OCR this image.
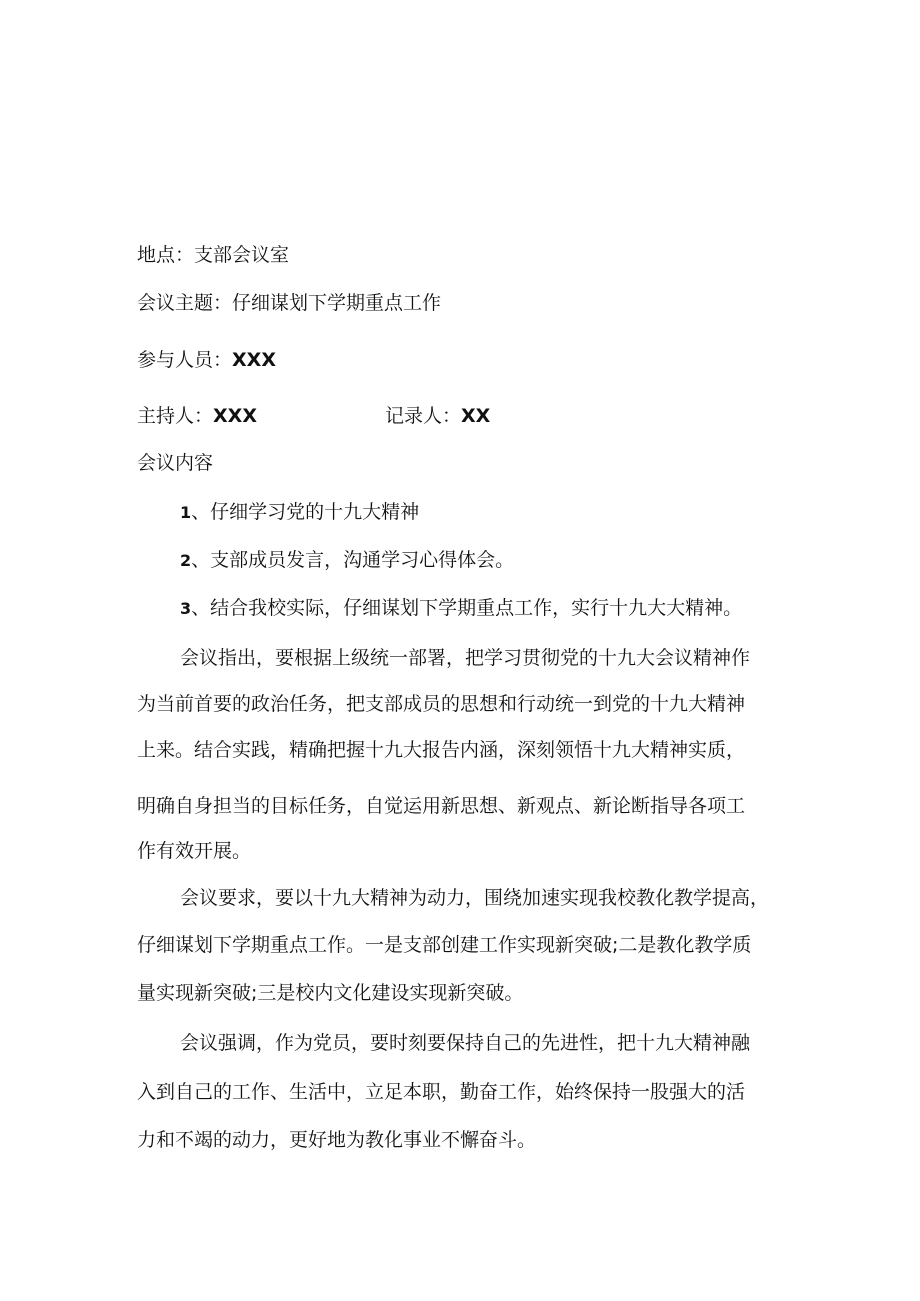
地点：支部会议室
会议主题：仔细谋划下学期重点工作
参与人员：XXX
主持人：XXX	记录人：XX
会议内容
1、仔细学习党的十九大精神
2、支部成员发言，沟通学习心得体会。
3、结合我校实际，仔细谋划下学期重点工作，实行十九大大精神。
会议指出，要根据上级统一部署，把学习贯彻党的十九大会议精神作
为当前首要的政治任务，把支部成员的思想和行动统一到党的十九大精神
上来。结合实践，精确把握十九大报告内涵，深刻领悟十九大精神实质，
明确自身担当的目标任务，自觉运用新思想、新观点、新论断指导各项工
作有效开展。
会议要求，要以十九大精神为动力，围绕加速实现我校教化教学提高，
仔细谋划下学期重点工作。一是支部创建工作实现新突破;二是教化教学质
量实现新突破;三是校内文化建设实现新突破。
会议强调，作为党员，要时刻要保持自己的先进性，把十九大精神融
入到自己的工作、生活中，立足本职，勤奋工作，始终保持一股强大的活
力和不竭的动力，更好地为教化事业不懈奋斗。
